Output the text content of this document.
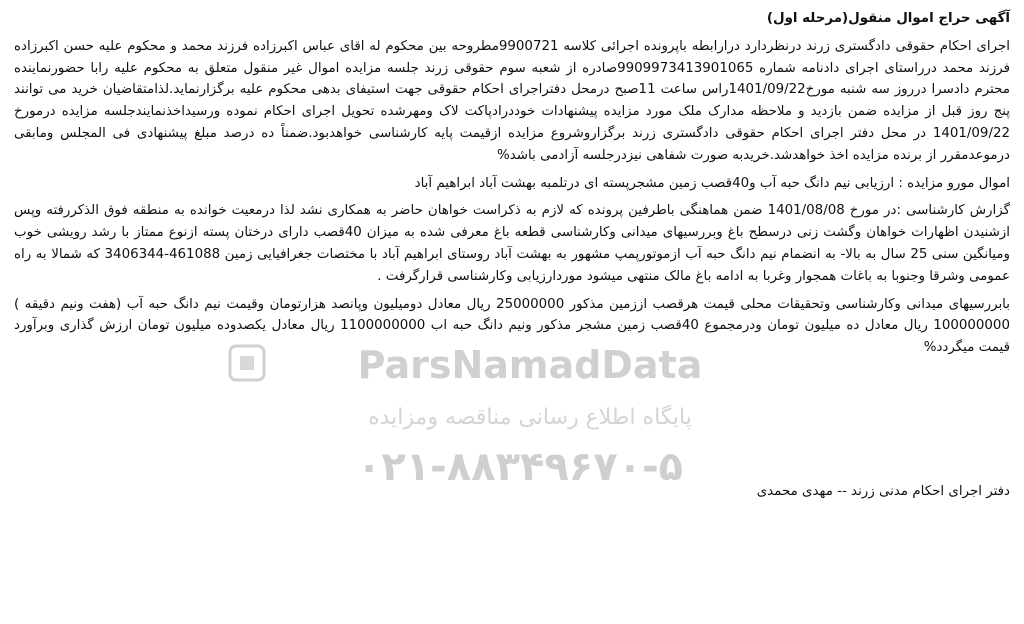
آگهی حراج اموال منقول(مرحله اول)

اجرای احکام حقوقی دادگستری زرند درنظردارد درارابطه باپرونده اجرائی کلاسه 9900721مطروحه بین محکوم له اقای عباس اکبرزاده فرزند محمد و محکوم علیه حسن اکبرزاده فرزند محمد درراستای اجرای دادنامه شماره 9909973413901065صادره از شعبه سوم حقوقی زرند جلسه مزایده اموال غیر منقول متعلق به محکوم علیه رابا حضورنماینده محترم دادسرا درروز سه شنبه مورخ1401/09/22راس ساعت 11صبح درمحل دفتراجرای احکام حقوقی جهت استیفای بدهی محکوم علیه برگزارنماید.لذامتقاضیان خرید می توانند پنج روز قبل از مزایده ضمن بازدید و ملاحظه مدارک ملک مورد مزایده پیشنهادات خوددرادپاکت لاک ومهرشده تحویل اجرای احکام نموده ورسیداخذنمایندجلسه مزایده درمورخ 1401/09/22 در محل دفتر اجرای احکام حقوقی دادگستری زرند برگزاروشروع مزایده ازقیمت پایه کارشناسی خواهدبود.ضمناً ده درصد مبلغ پیشنهادی فی المجلس ومابقی درموعدمقرر از برنده مزایده اخذ خواهدشد.خریدبه صورت شفاهی نیزدرجلسه آزادمی باشد%

اموال مورو مزایده : ارزیابی نیم دانگ حبه آب و40قصب زمین مشجرپسته ای درتلمبه بهشت آباد ابراهیم آباد

گزارش کارشناسی :در مورخ 1401/08/08 ضمن هماهنگی باطرفین پرونده که لازم به ذکراست خواهان حاضر به همکاری نشد لذا درمعیت خوانده به منطقه فوق الذکررفته وپس ازشنیدن اظهارات خواهان وگشت زنی درسطح باغ وبررسیهای میدانی وکارشناسی قطعه باغ معرفی شده به میزان 40قصب دارای درختان پسته ازنوع ممتاز با رشد رویشی خوب ومیانگین سنی 25 سال به بالا- به انضمام نیم دانگ حبه آب ازموتورپمپ مشهور به بهشت آباد روستای ابراهیم آباد با مختصات جغرافیایی زمین 461088-3406344 که شمالا به راه عمومی وشرقا وجنوبا به باغات همجوار وغربا به ادامه باغ مالک منتهی میشود موردارزیابی وکارشناسی قرارگرفت .

بابررسیهای میدانی وکارشناسی وتحقیقات محلی قیمت هرقصب اززمین مذکور 25000000 ریال معادل دومیلیون وپانصد هزارتومان وقیمت نیم دانگ حبه آب (هفت ونیم دقیقه ) 100000000 ریال معادل ده میلیون تومان ودرمجموع 40قصب زمین مشجر مذکور ونیم دانگ حبه اب 1100000000 ریال معادل یکصدوده میلیون تومان ارزش گذاری وبرآورد قیمت میگردد%

دفتر اجرای احکام مدنی زرند -- مهدی محمدی
ParsNamadData
پایگاه اطلاع رسانی مناقصه ومزایده
۰۲۱-۸۸۳۴۹۶۷۰-۵
